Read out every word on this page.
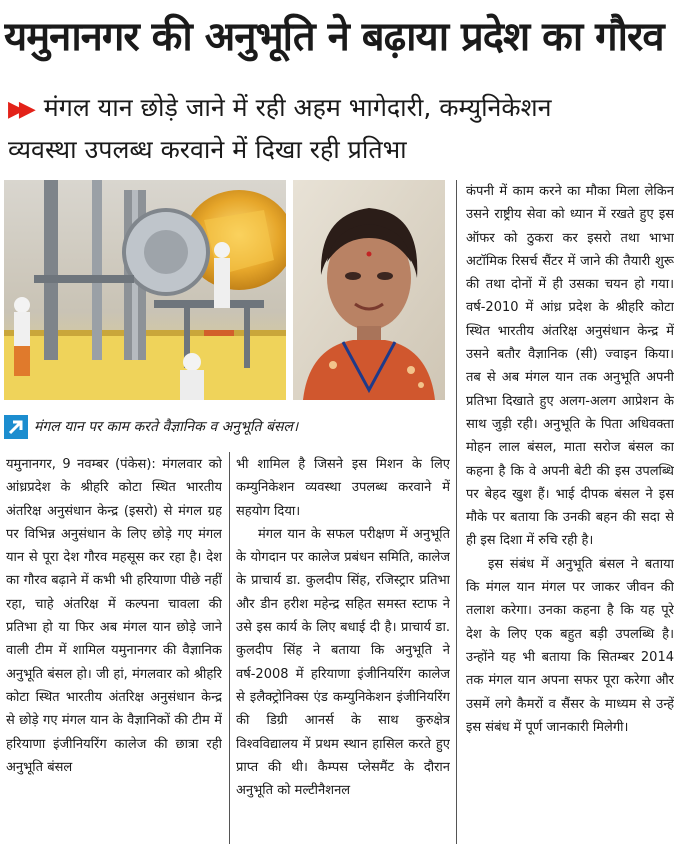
यमुनानगर की अनुभूति ने बढ़ाया प्रदेश का गौरव
▶▶ मंगल यान छोड़े जाने में रही अहम भागेदारी, कम्युनिकेशन
व्यवस्था उपलब्ध करवाने में दिखा रही प्रतिभा
मंगल यान पर काम करते वैज्ञानिक व अनुभूति बंसल।

यमुनानगर, 9 नवम्बर (पंकेस): मंगलवार को आंध्रप्रदेश के श्रीहरि कोटा स्थित भारतीय अंतरिक्ष अनुसंधान केन्द्र (इसरो) से मंगल ग्रह पर विभिन्न अनुसंधान के लिए छोड़े गए मंगल यान से पूरा देश गौरव महसूस कर रहा है। देश का गौरव बढ़ाने में कभी भी हरियाणा पीछे नहीं रहा, चाहे अंतरिक्ष में कल्पना चावला की प्रतिभा हो या फिर अब मंगल यान छोड़े जाने वाली टीम में शामिल यमुनानगर की वैज्ञानिक अनुभूति बंसल हो। जी हां, मंगलवार को श्रीहरि कोटा स्थित भारतीय अंतरिक्ष अनुसंधान केन्द्र से छोड़े गए मंगल यान के वैज्ञानिकों की टीम में हरियाणा इंजीनियरिंग कालेज की छात्रा रही अनुभूति बंसल

भी शामिल है जिसने इस मिशन के लिए कम्युनिकेशन व्यवस्था उपलब्ध करवाने में सहयोग दिया।

मंगल यान के सफल परीक्षण में अनुभूति के योगदान पर कालेज प्रबंधन समिति, कालेज के प्राचार्य डा. कुलदीप सिंह, रजिस्ट्रार प्रतिभा और डीन हरीश महेन्द्र सहित समस्त स्टाफ ने उसे इस कार्य के लिए बधाई दी है। प्राचार्य डा. कुलदीप सिंह ने बताया कि अनुभूति ने वर्ष-2008 में हरियाणा इंजीनियरिंग कालेज से इलैक्ट्रोनिक्स एंड कम्युनिकेशन इंजीनियरिंग की डिग्री आनर्स के साथ कुरुक्षेत्र विश्वविद्यालय में प्रथम स्थान हासिल करते हुए प्राप्त की थी। कैम्पस प्लेसमैंट के दौरान अनुभूति को मल्टीनैशनल

कंपनी में काम करने का मौका मिला लेकिन उसने राष्ट्रीय सेवा को ध्यान में रखते हुए इस ऑफर को ठुकरा कर इसरो तथा भाभा अटॉमिक रिसर्च सैंटर में जाने की तैयारी शुरू की तथा दोनों में ही उसका चयन हो गया। वर्ष-2010 में आंध्र प्रदेश के श्रीहरि कोटा स्थित भारतीय अंतरिक्ष अनुसंधान केन्द्र में उसने बतौर वैज्ञानिक (सी) ज्वाइन किया। तब से अब मंगल यान तक अनुभूति अपनी प्रतिभा दिखाते हुए अलग-अलग आप्रेशन के साथ जुड़ी रही। अनुभूति के पिता अधिवक्ता मोहन लाल बंसल, माता सरोज बंसल का कहना है कि वे अपनी बेटी की इस उपलब्धि पर बेहद खुश हैं। भाई दीपक बंसल ने इस मौके पर बताया कि उनकी बहन की सदा से ही इस दिशा में रुचि रही है।

इस संबंध में अनुभूति बंसल ने बताया कि मंगल यान मंगल पर जाकर जीवन की तलाश करेगा। उनका कहना है कि यह पूरे देश के लिए एक बहुत बड़ी उपलब्धि है। उन्होंने यह भी बताया कि सितम्बर 2014 तक मंगल यान अपना सफर पूरा करेगा और उसमें लगे कैमरों व सैंसर के माध्यम से उन्हें इस संबंध में पूर्ण जानकारी मिलेगी।
